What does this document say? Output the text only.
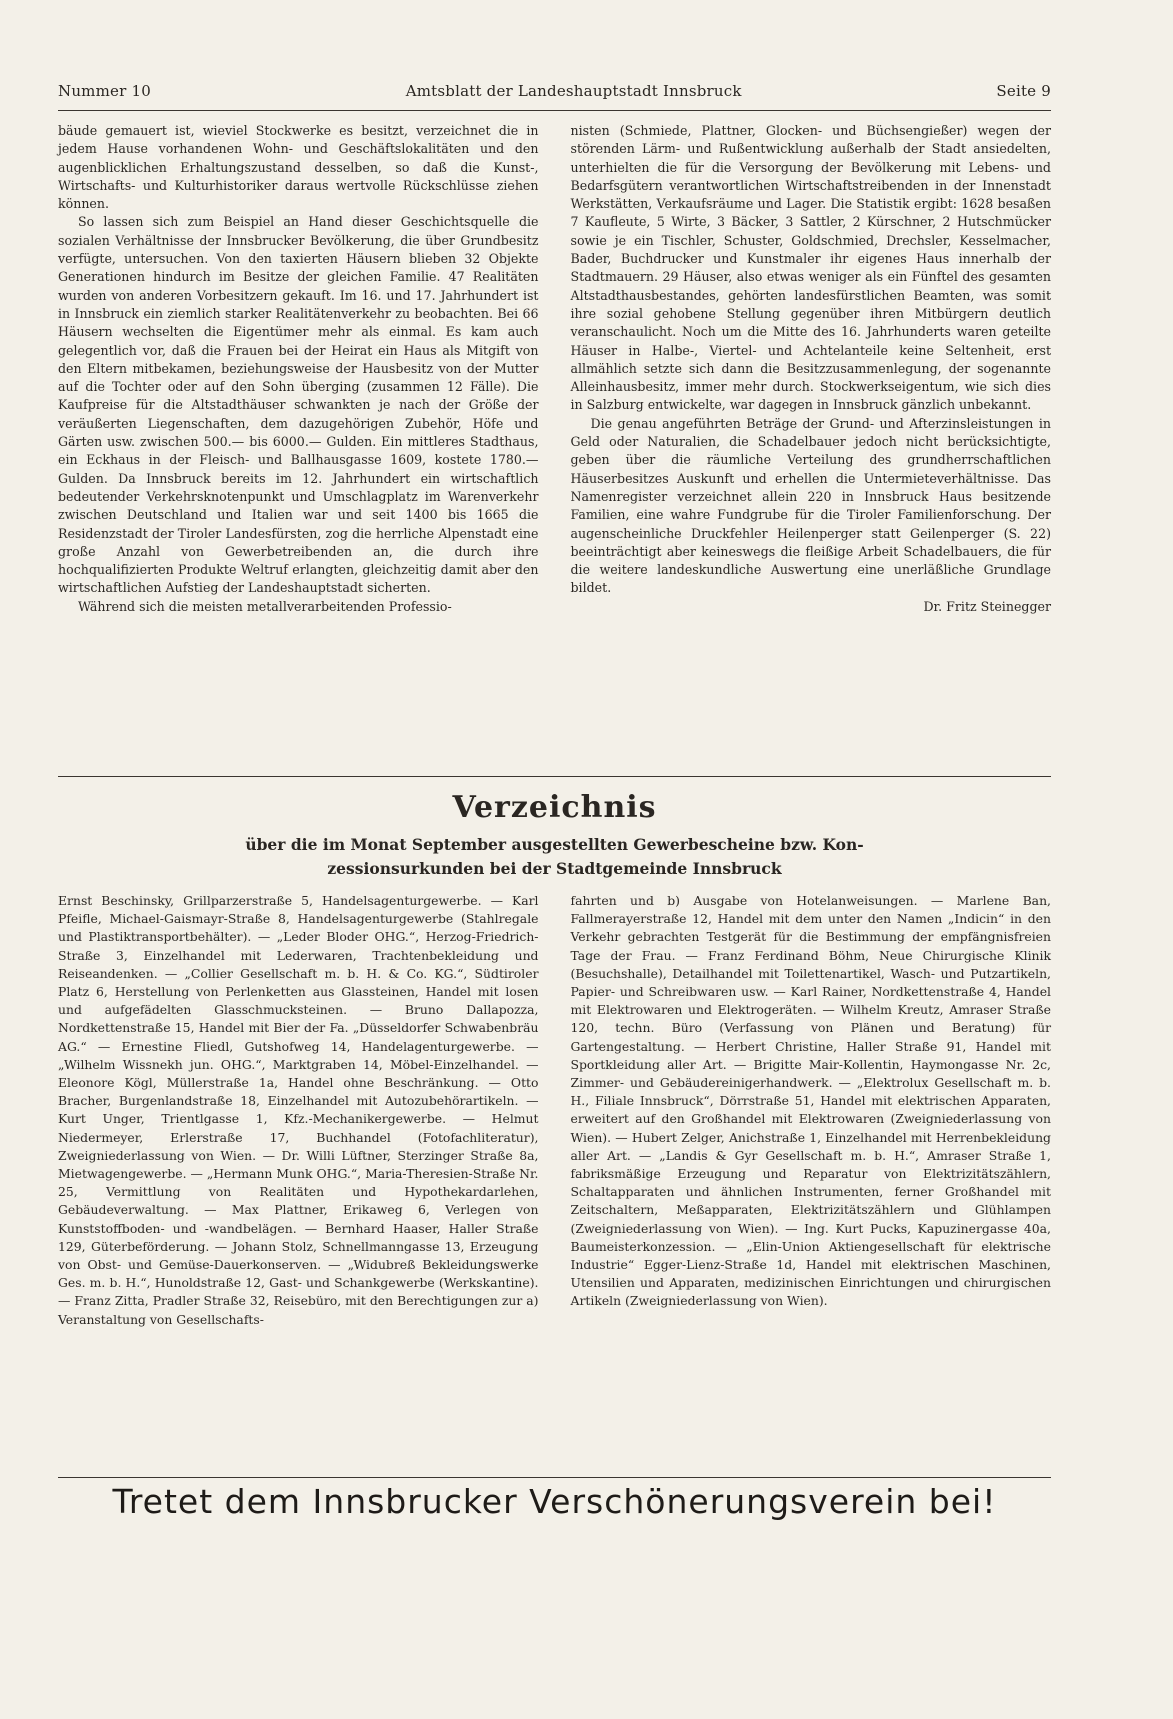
Nummer 10	Amtsblatt der Landeshauptstadt Innsbruck	Seite 9

bäude gemauert ist, wieviel Stockwerke es besitzt, verzeichnet die in jedem Hause vorhandenen Wohn- und Geschäftslokalitäten und den augenblicklichen Erhaltungszustand desselben, so daß die Kunst-, Wirtschafts- und Kulturhistoriker daraus wertvolle Rückschlüsse ziehen können.

So lassen sich zum Beispiel an Hand dieser Geschichtsquelle die sozialen Verhältnisse der Innsbrucker Bevölkerung, die über Grundbesitz verfügte, untersuchen. Von den taxierten Häusern blieben 32 Objekte Generationen hindurch im Besitze der gleichen Familie. 47 Realitäten wurden von anderen Vorbesitzern gekauft. Im 16. und 17. Jahrhundert ist in Innsbruck ein ziemlich starker Realitätenverkehr zu beobachten. Bei 66 Häusern wechselten die Eigentümer mehr als einmal. Es kam auch gelegentlich vor, daß die Frauen bei der Heirat ein Haus als Mitgift von den Eltern mitbekamen, beziehungsweise der Hausbesitz von der Mutter auf die Tochter oder auf den Sohn überging (zusammen 12 Fälle). Die Kaufpreise für die Altstadthäuser schwankten je nach der Größe der veräußerten Liegenschaften, dem dazugehörigen Zubehör, Höfe und Gärten usw. zwischen 500.— bis 6000.— Gulden. Ein mittleres Stadthaus, ein Eckhaus in der Fleisch- und Ballhausgasse 1609, kostete 1780.— Gulden. Da Innsbruck bereits im 12. Jahrhundert ein wirtschaftlich bedeutender Verkehrsknotenpunkt und Umschlagplatz im Warenverkehr zwischen Deutschland und Italien war und seit 1400 bis 1665 die Residenzstadt der Tiroler Landesfürsten, zog die herrliche Alpenstadt eine große Anzahl von Gewerbetreibenden an, die durch ihre hochqualifizierten Produkte Weltruf erlangten, gleichzeitig damit aber den wirtschaftlichen Aufstieg der Landeshauptstadt sicherten.

Während sich die meisten metallverarbeitenden Professio-

nisten (Schmiede, Plattner, Glocken- und Büchsengießer) wegen der störenden Lärm- und Rußentwicklung außerhalb der Stadt ansiedelten, unterhielten die für die Versorgung der Bevölkerung mit Lebens- und Bedarfsgütern verantwortlichen Wirtschaftstreibenden in der Innenstadt Werkstätten, Verkaufsräume und Lager. Die Statistik ergibt: 1628 besaßen 7 Kaufleute, 5 Wirte, 3 Bäcker, 3 Sattler, 2 Kürschner, 2 Hutschmücker sowie je ein Tischler, Schuster, Goldschmied, Drechsler, Kesselmacher, Bader, Buchdrucker und Kunstmaler ihr eigenes Haus innerhalb der Stadtmauern. 29 Häuser, also etwas weniger als ein Fünftel des gesamten Altstadthausbestandes, gehörten landesfürstlichen Beamten, was somit ihre sozial gehobene Stellung gegenüber ihren Mitbürgern deutlich veranschaulicht. Noch um die Mitte des 16. Jahrhunderts waren geteilte Häuser in Halbe-, Viertel- und Achtelanteile keine Seltenheit, erst allmählich setzte sich dann die Besitzzusammenlegung, der sogenannte Alleinhausbesitz, immer mehr durch. Stockwerkseigentum, wie sich dies in Salzburg entwickelte, war dagegen in Innsbruck gänzlich unbekannt.

Die genau angeführten Beträge der Grund- und Afterzinsleistungen in Geld oder Naturalien, die Schadelbauer jedoch nicht berücksichtigte, geben über die räumliche Verteilung des grundherrschaftlichen Häuserbesitzes Auskunft und erhellen die Untermieteverhältnisse. Das Namenregister verzeichnet allein 220 in Innsbruck Haus besitzende Familien, eine wahre Fundgrube für die Tiroler Familienforschung. Der augenscheinliche Druckfehler Heilenperger statt Geilenperger (S. 22) beeinträchtigt aber keineswegs die fleißige Arbeit Schadelbauers, die für die weitere landeskundliche Auswertung eine unerläßliche Grundlage bildet.

Dr. Fritz Steinegger

Verzeichnis
über die im Monat September ausgestellten Gewerbescheine bzw. Kon-
zessionsurkunden bei der Stadtgemeinde Innsbruck

Ernst Beschinsky, Grillparzerstraße 5, Handelsagenturgewerbe. — Karl Pfeifle, Michael-Gaismayr-Straße 8, Handelsagenturgewerbe (Stahlregale und Plastiktransportbehälter). — „Leder Bloder OHG.“, Herzog-Friedrich-Straße 3, Einzelhandel mit Lederwaren, Trachtenbekleidung und Reiseandenken. — „Collier Gesellschaft m. b. H. & Co. KG.“, Südtiroler Platz 6, Herstellung von Perlenketten aus Glassteinen, Handel mit losen und aufgefädelten Glasschmucksteinen. — Bruno Dallapozza, Nordkettenstraße 15, Handel mit Bier der Fa. „Düsseldorfer Schwabenbräu AG.“ — Ernestine Fliedl, Gutshofweg 14, Handelagenturgewerbe. — „Wilhelm Wissnekh jun. OHG.“, Marktgraben 14, Möbel-Einzelhandel. — Eleonore Kögl, Müllerstraße 1a, Handel ohne Beschränkung. — Otto Bracher, Burgenlandstraße 18, Einzelhandel mit Autozubehörartikeln. — Kurt Unger, Trientlgasse 1, Kfz.-Mechanikergewerbe. — Helmut Niedermeyer, Erlerstraße 17, Buchhandel (Fotofachliteratur), Zweigniederlassung von Wien. — Dr. Willi Lüftner, Sterzinger Straße 8a, Mietwagengewerbe. — „Hermann Munk OHG.“, Maria-Theresien-Straße Nr. 25, Vermittlung von Realitäten und Hypothekardarlehen, Gebäudeverwaltung. — Max Plattner, Erikaweg 6, Verlegen von Kunststoffboden- und -wandbelägen. — Bernhard Haaser, Haller Straße 129, Güterbeförderung. — Johann Stolz, Schnellmanngasse 13, Erzeugung von Obst- und Gemüse-Dauerkonserven. — „Widubreß Bekleidungswerke Ges. m. b. H.“, Hunoldstraße 12, Gast- und Schankgewerbe (Werkskantine). — Franz Zitta, Pradler Straße 32, Reisebüro, mit den Berechtigungen zur a) Veranstaltung von Gesellschafts-

fahrten und b) Ausgabe von Hotelanweisungen. — Marlene Ban, Fallmerayerstraße 12, Handel mit dem unter den Namen „Indicin“ in den Verkehr gebrachten Testgerät für die Bestimmung der empfängnisfreien Tage der Frau. — Franz Ferdinand Böhm, Neue Chirurgische Klinik (Besuchshalle), Detailhandel mit Toilettenartikel, Wasch- und Putzartikeln, Papier- und Schreibwaren usw. — Karl Rainer, Nordkettenstraße 4, Handel mit Elektrowaren und Elektrogeräten. — Wilhelm Kreutz, Amraser Straße 120, techn. Büro (Verfassung von Plänen und Beratung) für Gartengestaltung. — Herbert Christine, Haller Straße 91, Handel mit Sportkleidung aller Art. — Brigitte Mair-Kollentin, Haymongasse Nr. 2c, Zimmer- und Gebäudereinigerhandwerk. — „Elektrolux Gesellschaft m. b. H., Filiale Innsbruck“, Dörrstraße 51, Handel mit elektrischen Apparaten, erweitert auf den Großhandel mit Elektrowaren (Zweigniederlassung von Wien). — Hubert Zelger, Anichstraße 1, Einzelhandel mit Herrenbekleidung aller Art. — „Landis & Gyr Gesellschaft m. b. H.“, Amraser Straße 1, fabriksmäßige Erzeugung und Reparatur von Elektrizitätszählern, Schaltapparaten und ähnlichen Instrumenten, ferner Großhandel mit Zeitschaltern, Meßapparaten, Elektrizitätszählern und Glühlampen (Zweigniederlassung von Wien). — Ing. Kurt Pucks, Kapuzinergasse 40a, Baumeisterkonzession. — „Elin-Union Aktiengesellschaft für elektrische Industrie“ Egger-Lienz-Straße 1d, Handel mit elektrischen Maschinen, Utensilien und Apparaten, medizinischen Einrichtungen und chirurgischen Artikeln (Zweigniederlassung von Wien).

Tretet dem Innsbrucker Verschönerungsverein bei!
